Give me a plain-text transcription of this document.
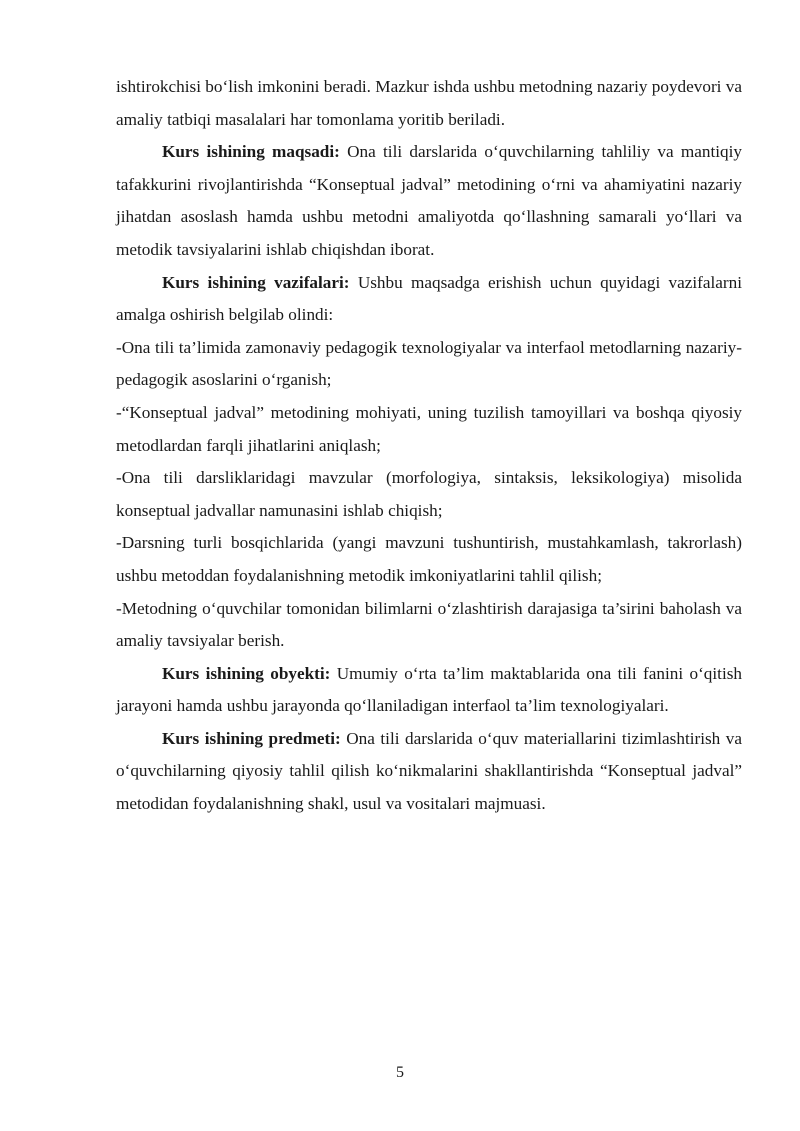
ishtirokchisi bo‘lish imkonini beradi. Mazkur ishda ushbu metodning nazariy poydevori va amaliy tatbiqi masalalari har tomonlama yoritib beriladi.

Kurs ishining maqsadi: Ona tili darslarida o‘quvchilarning tahliliy va mantiqiy tafakkurini rivojlantirishda “Konseptual jadval” metodining o‘rni va ahamiyatini nazariy jihatdan asoslash hamda ushbu metodni amaliyotda qo‘llashning samarali yo‘llari va metodik tavsiyalarini ishlab chiqishdan iborat.

Kurs ishining vazifalari: Ushbu maqsadga erishish uchun quyidagi vazifalarni amalga oshirish belgilab olindi:

-Ona tili ta’limida zamonaviy pedagogik texnologiyalar va interfaol metodlarning nazariy-pedagogik asoslarini o‘rganish;

-“Konseptual jadval” metodining mohiyati, uning tuzilish tamoyillari va boshqa qiyosiy metodlardan farqli jihatlarini aniqlash;

-Ona tili darsliklaridagi mavzular (morfologiya, sintaksis, leksikologiya) misolida konseptual jadvallar namunasini ishlab chiqish;

-Darsning turli bosqichlarida (yangi mavzuni tushuntirish, mustahkamlash, takrorlash) ushbu metoddan foydalanishning metodik imkoniyatlarini tahlil qilish;

-Metodning o‘quvchilar tomonidan bilimlarni o‘zlashtirish darajasiga ta’sirini baholash va amaliy tavsiyalar berish.

Kurs ishining obyekti: Umumiy o‘rta ta’lim maktablarida ona tili fanini o‘qitish jarayoni hamda ushbu jarayonda qo‘llaniladigan interfaol ta’lim texnologiyalari.

Kurs ishining predmeti: Ona tili darslarida o‘quv materiallarini tizimlashtirish va o‘quvchilarning qiyosiy tahlil qilish ko‘nikmalarini shakllantirishda “Konseptual jadval” metodidan foydalanishning shakl, usul va vositalari majmuasi.

5
